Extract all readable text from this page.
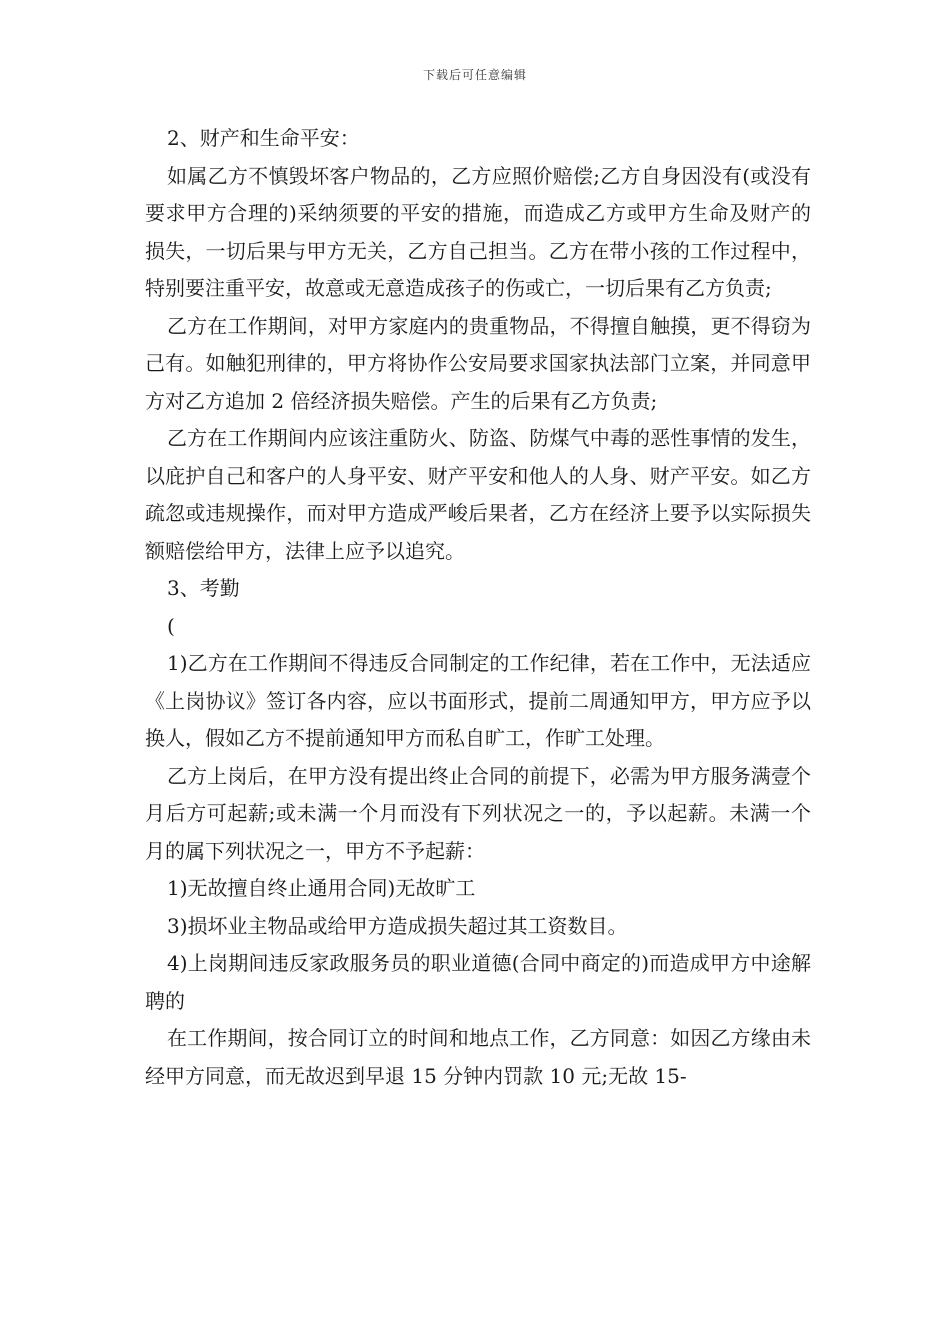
下载后可任意编辑

2、财产和生命平安：

如属乙方不慎毁坏客户物品的，乙方应照价赔偿;乙方自身因没有(或没有要求甲方合理的)采纳须要的平安的措施，而造成乙方或甲方生命及财产的损失，一切后果与甲方无关，乙方自己担当。乙方在带小孩的工作过程中，特别要注重平安，故意或无意造成孩子的伤或亡，一切后果有乙方负责;

乙方在工作期间，对甲方家庭内的贵重物品，不得擅自触摸，更不得窃为己有。如触犯刑律的，甲方将协作公安局要求国家执法部门立案，并同意甲方对乙方追加 2 倍经济损失赔偿。产生的后果有乙方负责;

乙方在工作期间内应该注重防火、防盗、防煤气中毒的恶性事情的发生，以庇护自己和客户的人身平安、财产平安和他人的人身、财产平安。如乙方疏忽或违规操作，而对甲方造成严峻后果者，乙方在经济上要予以实际损失额赔偿给甲方，法律上应予以追究。

3、考勤

(

1)乙方在工作期间不得违反合同制定的工作纪律，若在工作中，无法适应《上岗协议》签订各内容，应以书面形式，提前二周通知甲方，甲方应予以换人，假如乙方不提前通知甲方而私自旷工，作旷工处理。

乙方上岗后，在甲方没有提出终止合同的前提下，必需为甲方服务满壹个月后方可起薪;或未满一个月而没有下列状况之一的，予以起薪。未满一个月的属下列状况之一，甲方不予起薪：

1)无故擅自终止通用合同)无故旷工

3)损坏业主物品或给甲方造成损失超过其工资数目。

4)上岗期间违反家政服务员的职业道德(合同中商定的)而造成甲方中途解聘的

在工作期间，按合同订立的时间和地点工作，乙方同意：如因乙方缘由未经甲方同意，而无故迟到早退 15 分钟内罚款 10 元;无故 15-
